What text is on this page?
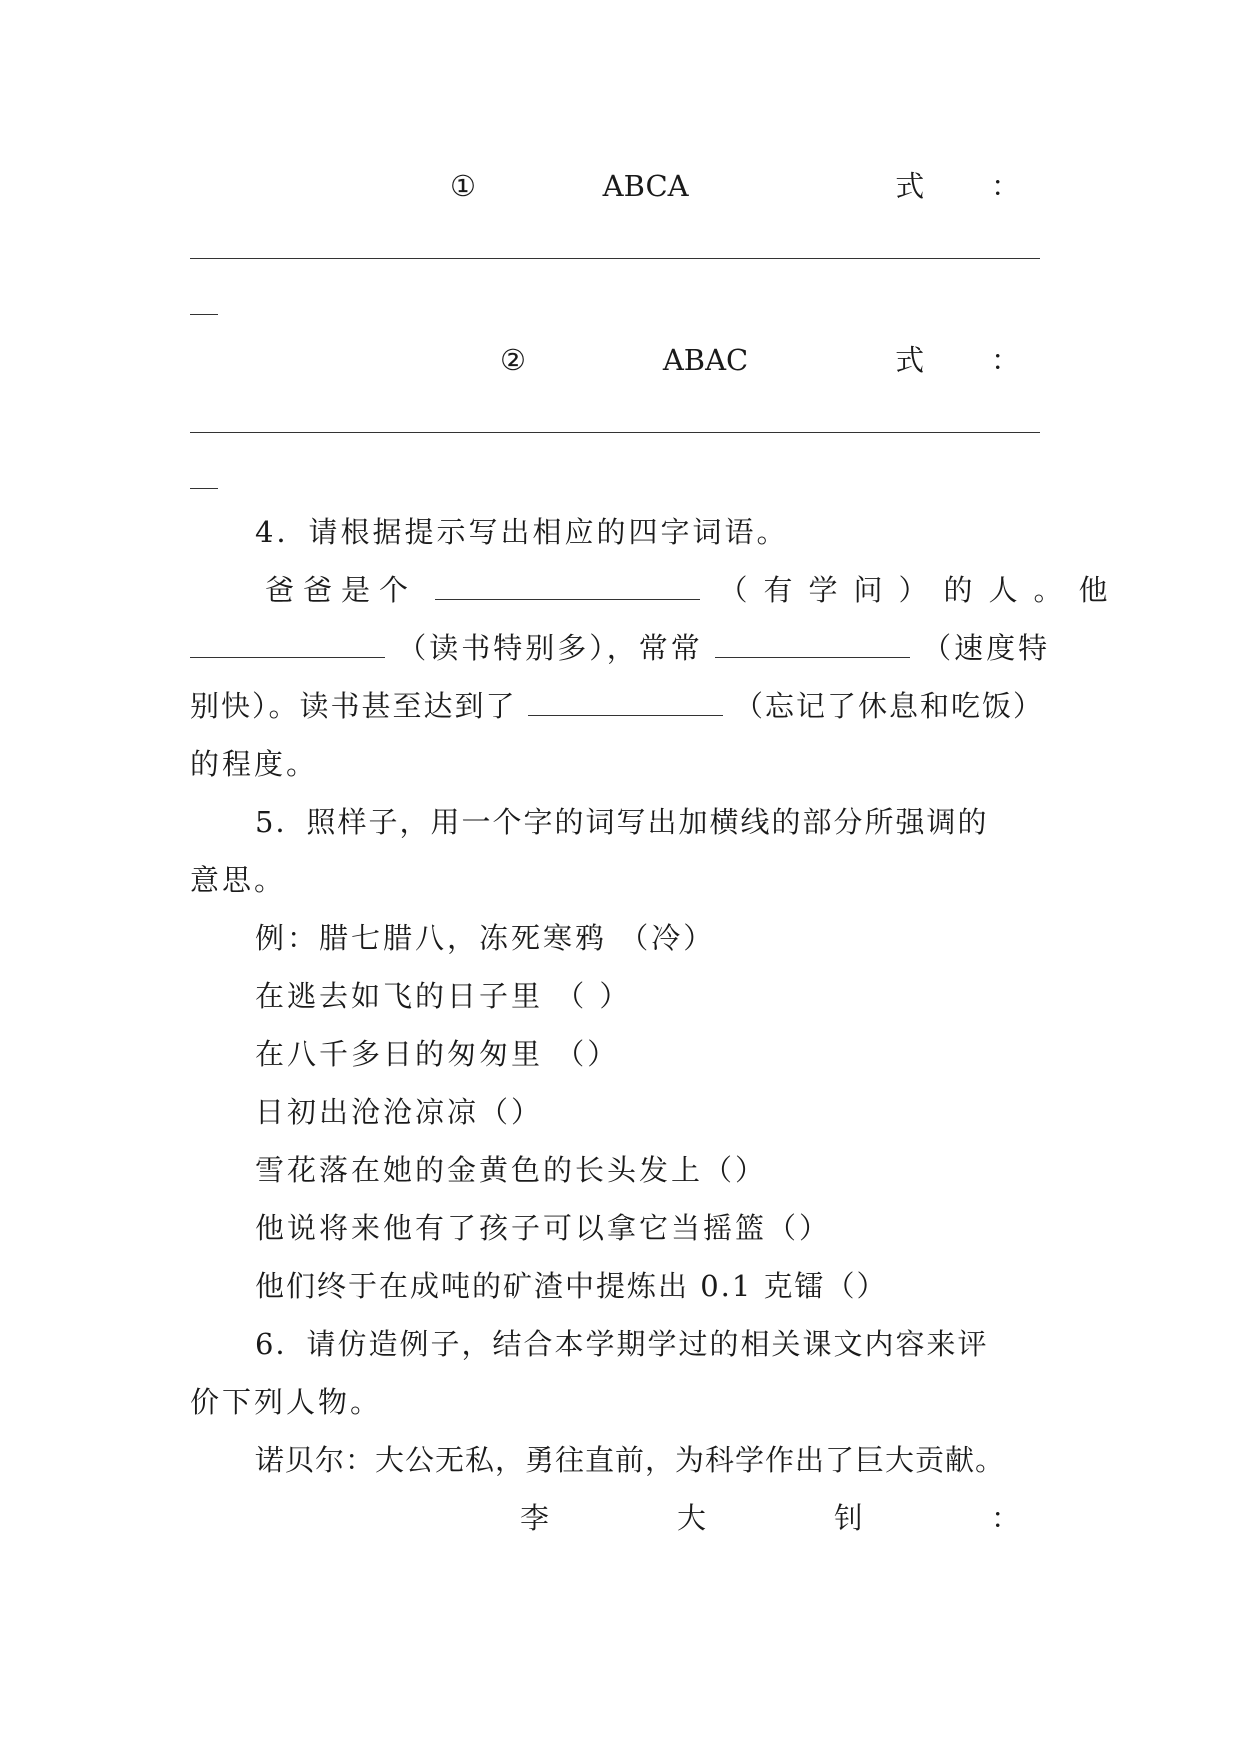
①	ABCA	式 ：
②	ABAC	式 ：
4．请根据提示写出相应的四字词语。
爸爸是个	（有学问）的人。他
（读书特别多），常常	（速度特
别快）。读书甚至达到了	（忘记了休息和吃饭）
的程度。
5．照样子，用一个字的词写出加横线的部分所强调的
意思。
例：腊七腊八，冻死寒鸦 （冷）
在逃去如飞的日子里 （ ）
在八千多日的匆匆里 （）
日初出沧沧凉凉（）
雪花落在她的金黄色的长头发上（）
他说将来他有了孩子可以拿它当摇篮（）
他们终于在成吨的矿渣中提炼出 0.1 克镭（）
6．请仿造例子，结合本学期学过的相关课文内容来评
价下列人物。
诺贝尔：大公无私，勇往直前，为科学作出了巨大贡献。
李	大	钊	：
